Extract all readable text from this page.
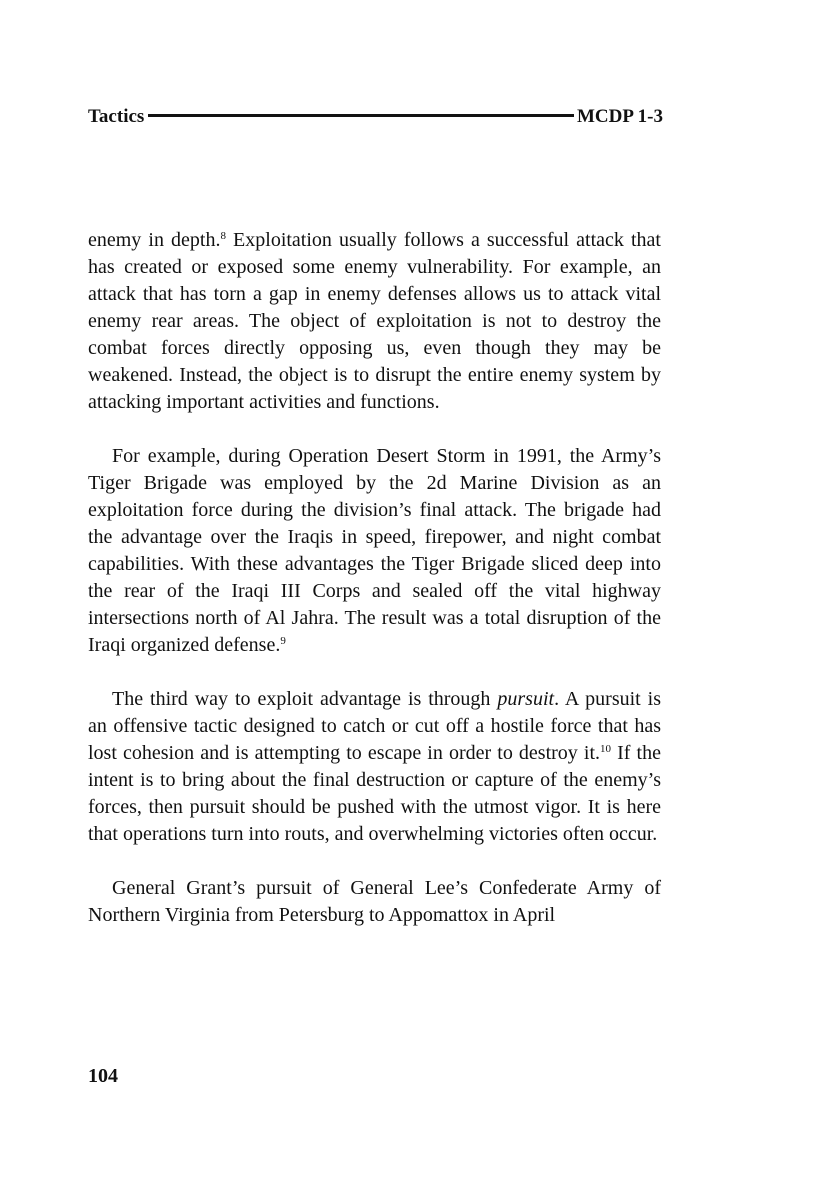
Tactics	MCDP 1-3

enemy in depth.$^8$ Exploitation usually follows a successful attack that has created or exposed some enemy vulnerability. For example, an attack that has torn a gap in enemy defenses allows us to attack vital enemy rear areas. The object of exploitation is not to destroy the combat forces directly opposing us, even though they may be weakened. Instead, the object is to disrupt the entire enemy system by attacking important activities and functions.

For example, during Operation Desert Storm in 1991, the Army’s Tiger Brigade was employed by the 2d Marine Division as an exploitation force during the division’s final attack. The brigade had the advantage over the Iraqis in speed, firepower, and night combat capabilities. With these advantages the Tiger Brigade sliced deep into the rear of the Iraqi III Corps and sealed off the vital highway intersections north of Al Jahra. The result was a total disruption of the Iraqi organized defense.$^9$

The third way to exploit advantage is through pursuit. A pursuit is an offensive tactic designed to catch or cut off a hostile force that has lost cohesion and is attempting to escape in order to destroy it.$^{10}$ If the intent is to bring about the final destruction or capture of the enemy’s forces, then pursuit should be pushed with the utmost vigor. It is here that operations turn into routs, and overwhelming victories often occur.

General Grant’s pursuit of General Lee’s Confederate Army of Northern Virginia from Petersburg to Appomattox in April

104
